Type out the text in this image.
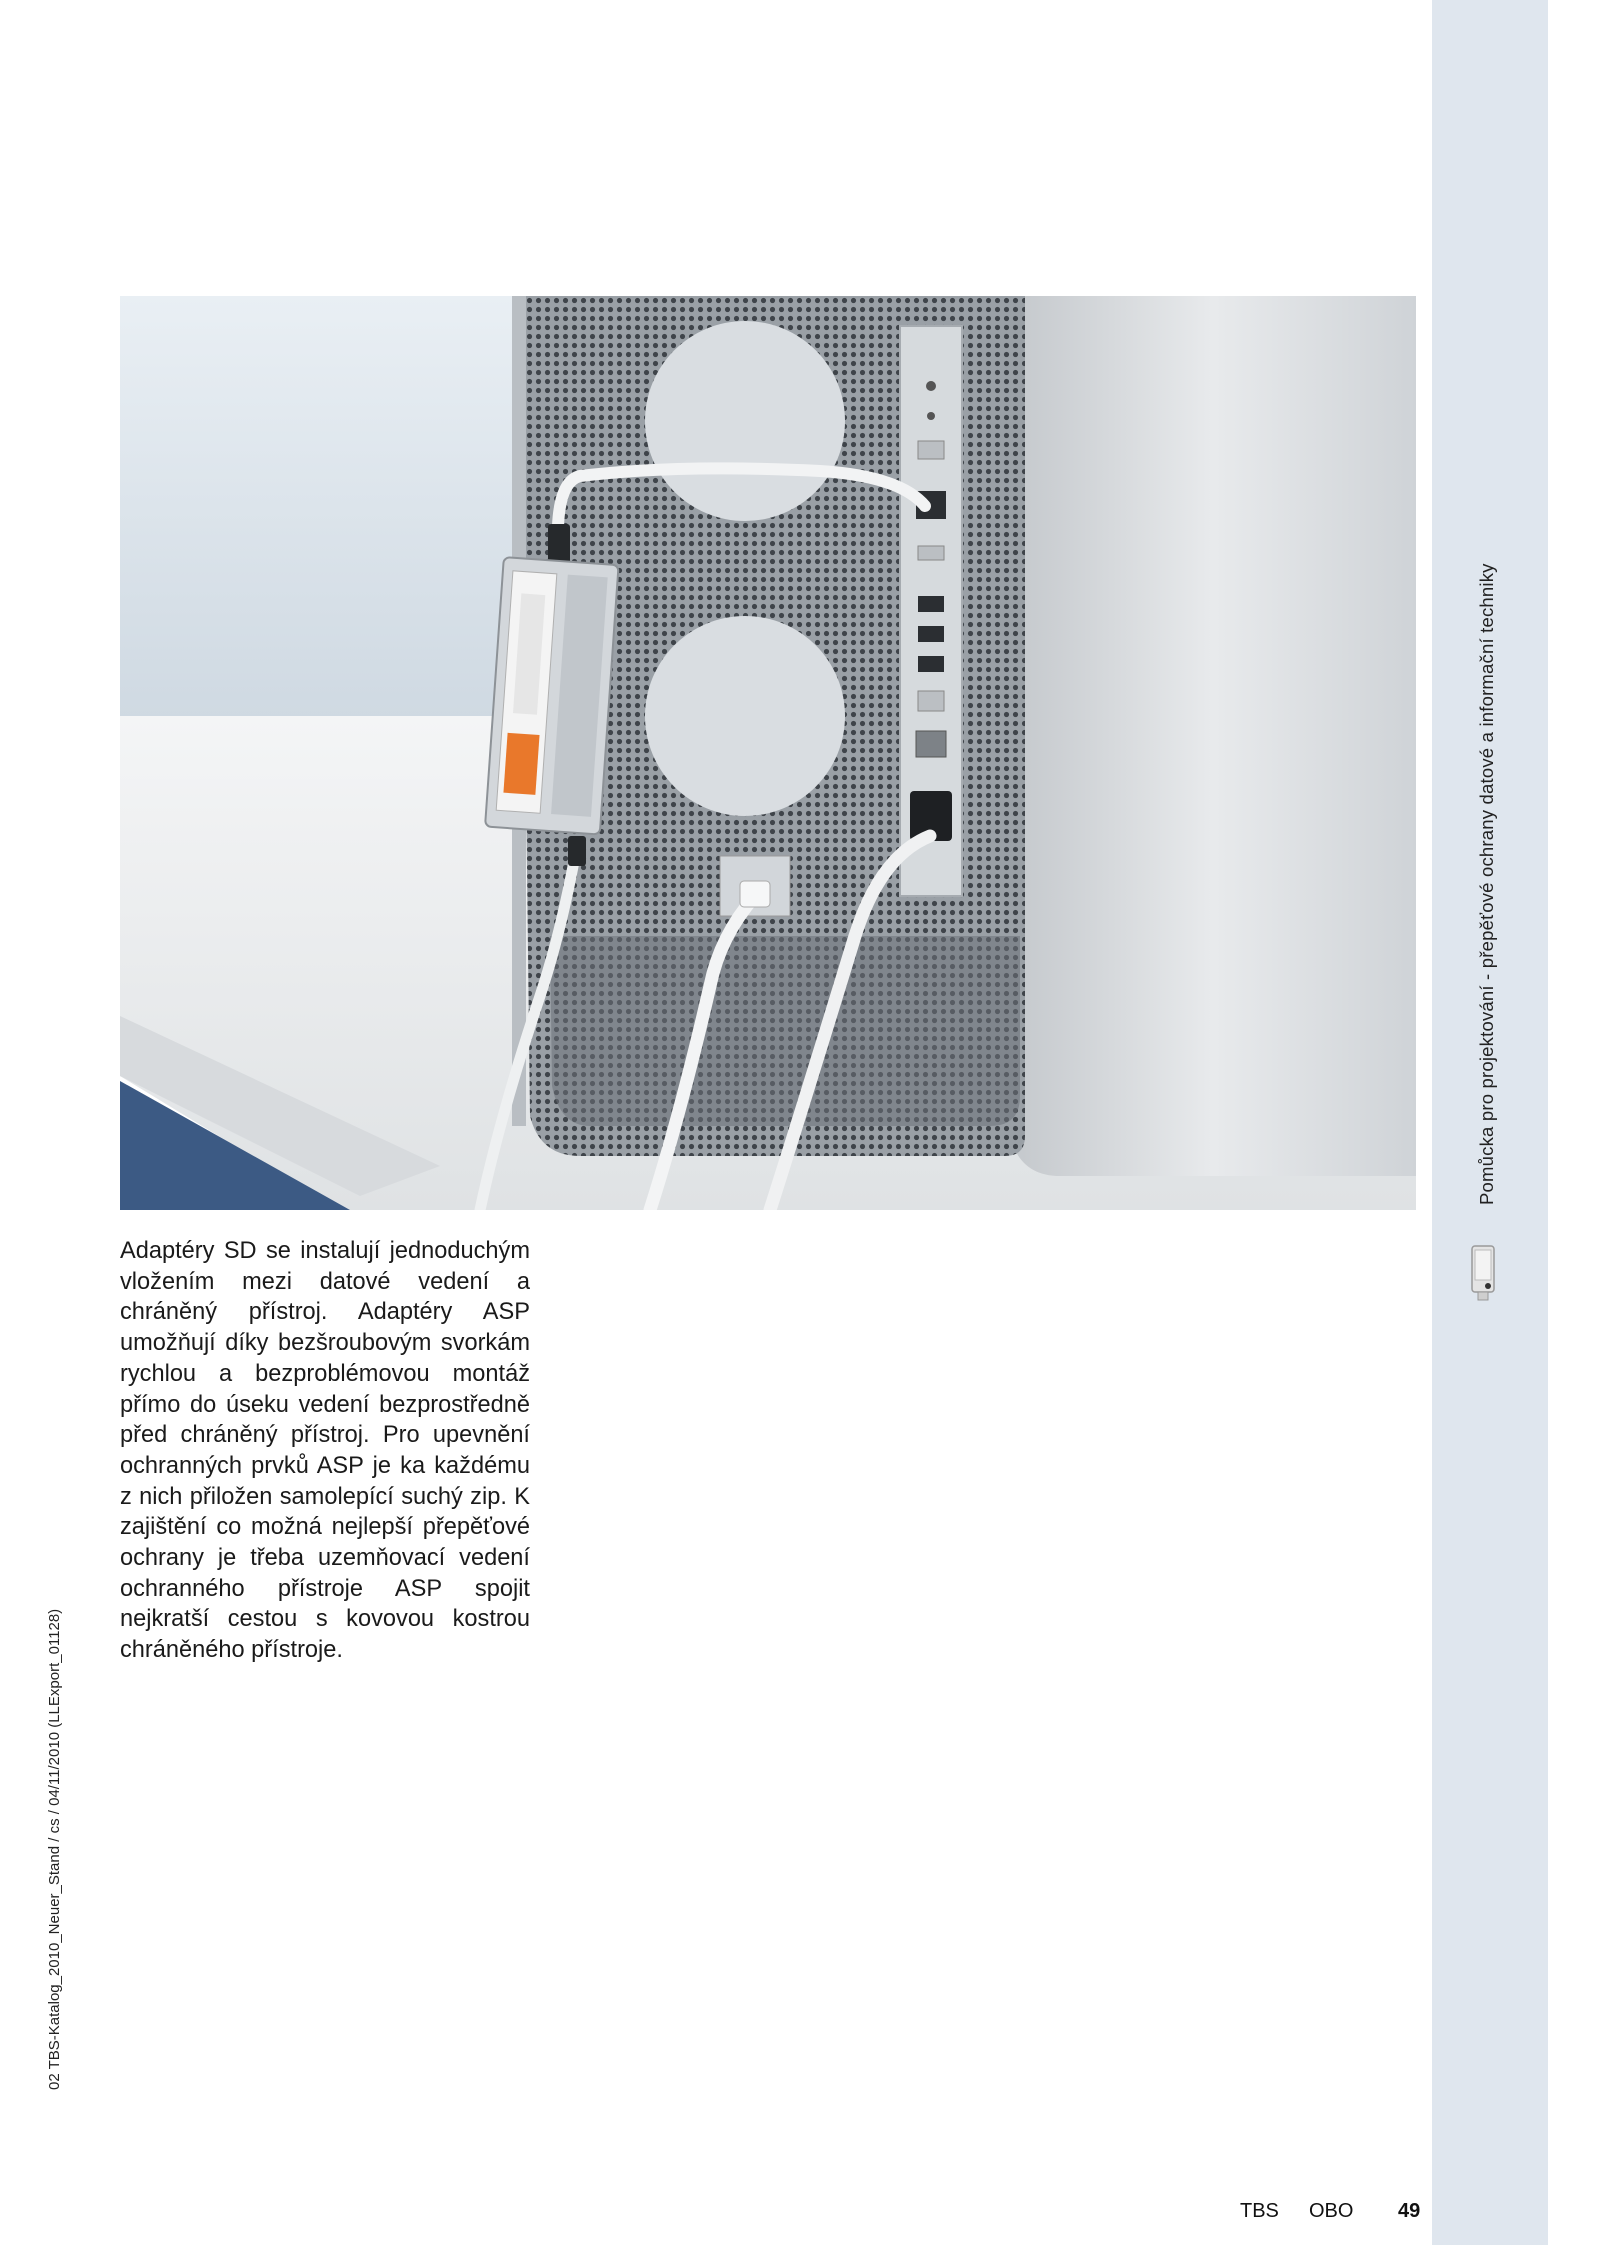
Pomůcka pro projektování - přepěťové ochrany datové a informační techniky
02 TBS-Katalog_2010_Neuer_Stand / cs / 04/11/2010 (LLExport_01128)
Adaptéry SD se instalují jednoduchým vložením mezi datové vedení a chráněný přístroj. Adaptéry ASP umožňují díky bezšroubovým svorkám rychlou a bezproblémovou montáž přímo do úseku vedení bezprostředně před chráněný přístroj. Pro upevnění ochranných prvků ASP je ka každému z nich přiložen samolepící suchý zip. K zajištění co možná nejlepší přepěťové ochrany je třeba uzemňovací vedení ochranného přístroje ASP spojit nejkratší cestou s kovovou kostrou chráněného přístroje.
TBS OBO 49
